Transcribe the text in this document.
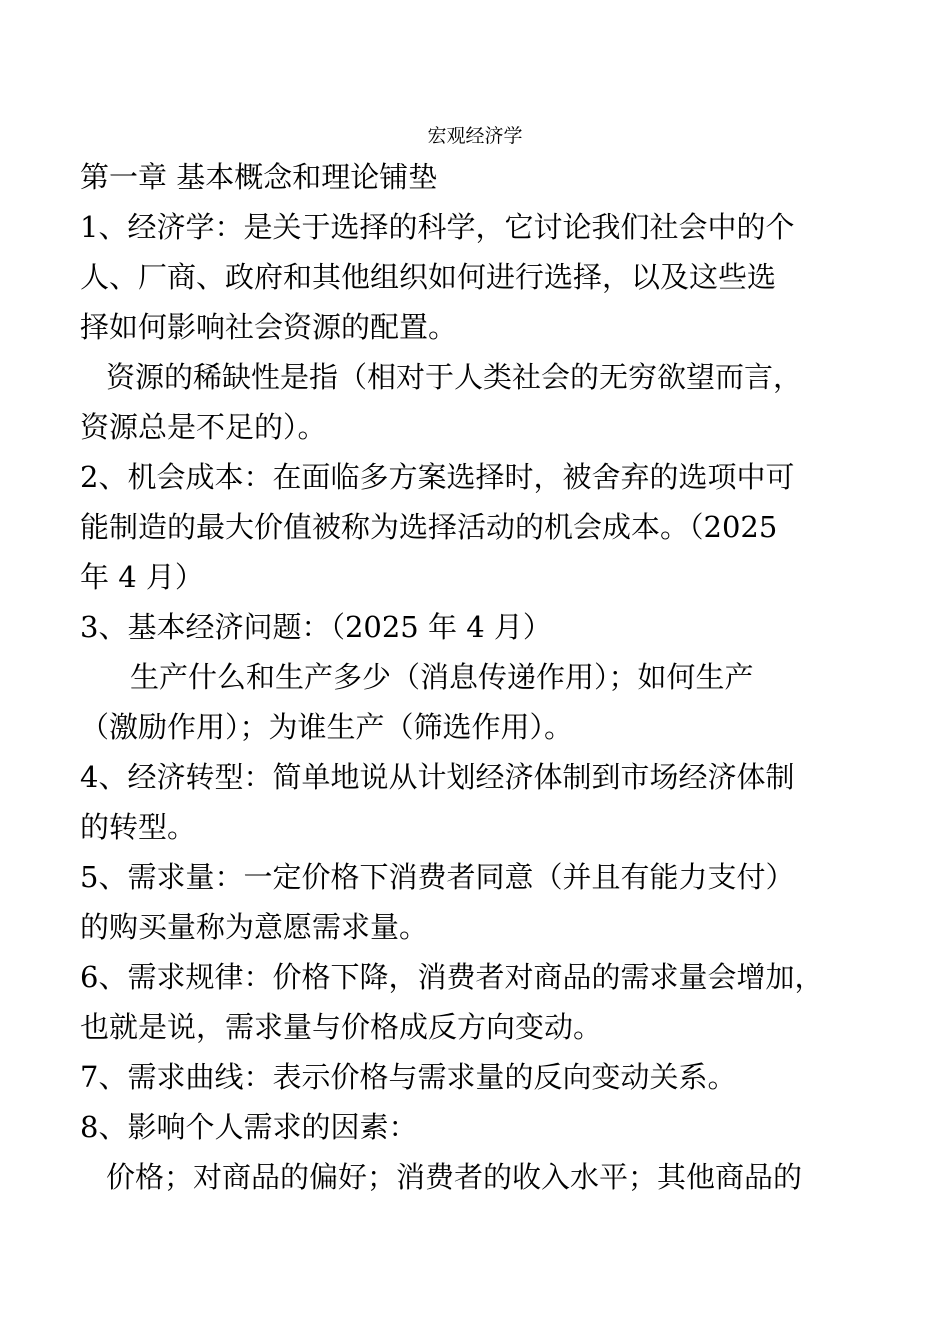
宏观经济学
第一章 基本概念和理论铺垫
1、经济学：是关于选择的科学，它讨论我们社会中的个
人、厂商、政府和其他组织如何进行选择，以及这些选
择如何影响社会资源的配置。
资源的稀缺性是指（相对于人类社会的无穷欲望而言，
资源总是不足的）。
2、机会成本：在面临多方案选择时，被舍弃的选项中可
能制造的最大价值被称为选择活动的机会成本。（2025
年 4 月）
3、基本经济问题：（2025 年 4 月）
生产什么和生产多少（消息传递作用）；如何生产
（激励作用）；为谁生产（筛选作用）。
4、经济转型：简单地说从计划经济体制到市场经济体制
的转型。
5、需求量：一定价格下消费者同意（并且有能力支付）
的购买量称为意愿需求量。
6、需求规律：价格下降，消费者对商品的需求量会增加，
也就是说，需求量与价格成反方向变动。
7、需求曲线：表示价格与需求量的反向变动关系。
8、影响个人需求的因素：
价格；对商品的偏好；消费者的收入水平；其他商品的
